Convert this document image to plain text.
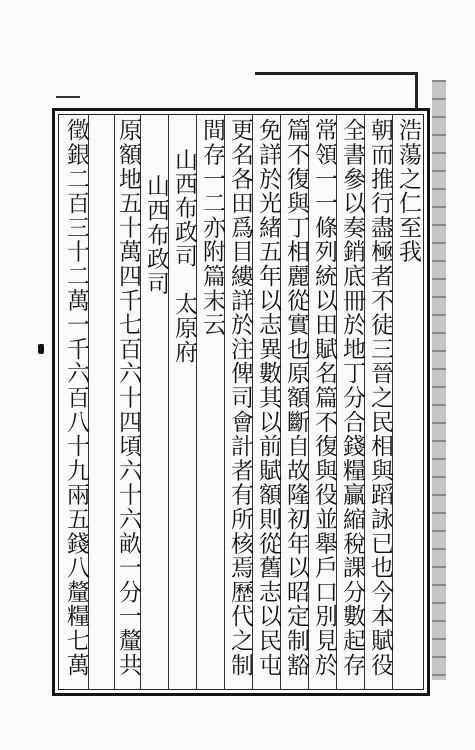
浩蕩之仁至我
朝而推行盡極者不徒三晉之民相與蹈詠已也今本賦役
全書參以奏銷底冊於地丁分合錢糧贏縮稅課分數起存
常領一一條列統以田賦名篇不復與役並舉戶口別見於
篇不復與丁相麗從實也原額斷自故隆初年以昭定制豁
免詳於光緒五年以志異數其以前賦額則從舊志以民屯
更名各田爲目縷詳於注俾司會計者有所核焉歷代之制
間存一二亦附篇末云
山西布政司　太原府
山西布政司
原額地五十萬四千七百六十四頃六十六畝一分一釐共
徵銀二百三十二萬一千六百八十九兩五錢八釐糧七萬
